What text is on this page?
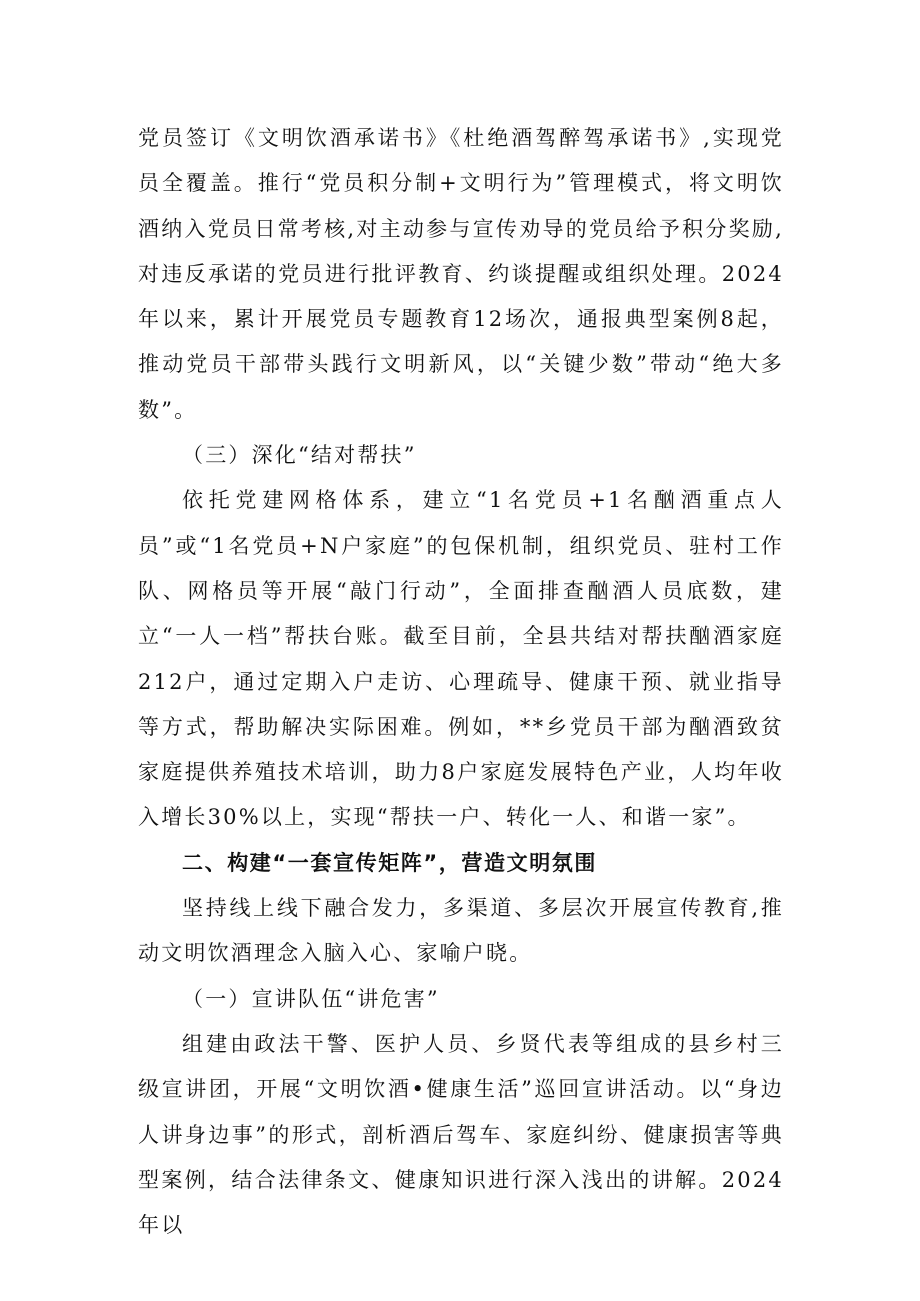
党员签订《文明饮酒承诺书》《杜绝酒驾醉驾承诺书》,实现党员全覆盖。推行“党员积分制+文明行为”管理模式，将文明饮酒纳入党员日常考核,对主动参与宣传劝导的党员给予积分奖励,对违反承诺的党员进行批评教育、约谈提醒或组织处理。2024年以来，累计开展党员专题教育12场次，通报典型案例8起，推动党员干部带头践行文明新风，以“关键少数”带动“绝大多数”。

（三）深化“结对帮扶”

依托党建网格体系，建立“1名党员+1名酗酒重点人员”或“1名党员+N户家庭”的包保机制，组织党员、驻村工作队、网格员等开展“敲门行动”，全面排查酗酒人员底数，建立“一人一档”帮扶台账。截至目前，全县共结对帮扶酗酒家庭212户，通过定期入户走访、心理疏导、健康干预、就业指导等方式，帮助解决实际困难。例如，**乡党员干部为酗酒致贫家庭提供养殖技术培训，助力8户家庭发展特色产业，人均年收入增长30%以上，实现“帮扶一户、转化一人、和谐一家”。

二、构建“一套宣传矩阵”，营造文明氛围

坚持线上线下融合发力，多渠道、多层次开展宣传教育,推动文明饮酒理念入脑入心、家喻户晓。

（一）宣讲队伍“讲危害”

组建由政法干警、医护人员、乡贤代表等组成的县乡村三级宣讲团，开展“文明饮酒•健康生活”巡回宣讲活动。以“身边人讲身边事”的形式，剖析酒后驾车、家庭纠纷、健康损害等典型案例，结合法律条文、健康知识进行深入浅出的讲解。2024年以
